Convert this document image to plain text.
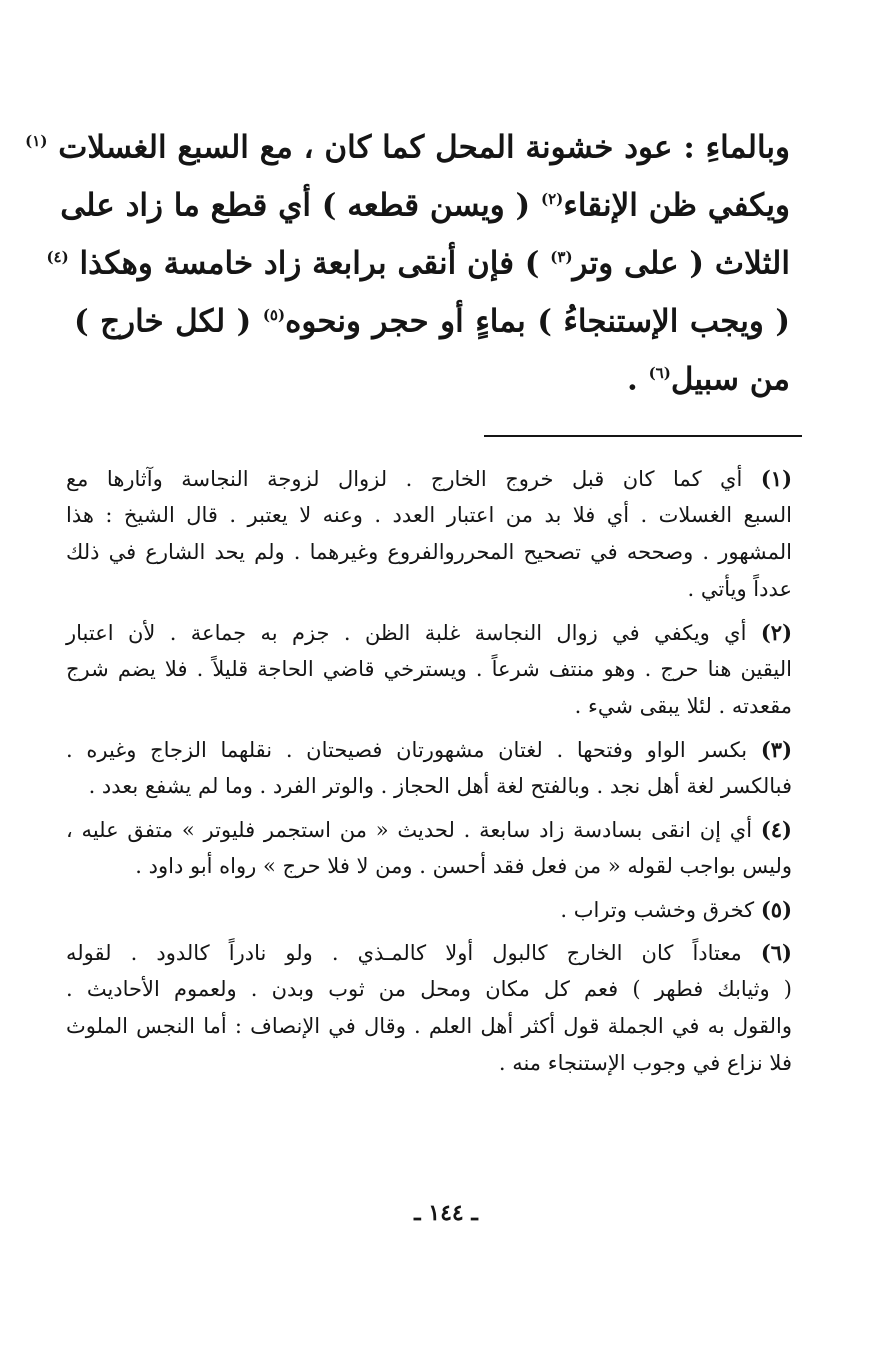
وبالماءِ : عود خشونة المحل كما كان ، مع السبع الغسلات $^{(١)}$
ويكفي ظن الإنقاء$^{(٢)}$ ( ويسن قطعه ) أي قطع ما زاد على
الثلاث ( على وتر$^{(٣)}$ ) فإن أنقى برابعة زاد خامسة وهكذا $^{(٤)}$
( ويجب الإستنجاءُ ) بماءٍ أو حجر ونحوه$^{(٥)}$ ( لكل خارج )
من سبيل$^{(٦)}$ .
(١) أي كما كان قبل خروج الخارج . لزوال لزوجة النجاسة وآثارها مع
السبع الغسلات . أي فلا بد من اعتبار العدد . وعنه لا يعتبر . قال الشيخ : هذا
المشهور . وصححه في تصحيح المحرروالفروع وغيرهما . ولم يحد الشارع في ذلك
عدداً ويأتي .
(٢) أي ويكفي في زوال النجاسة غلبة الظن . جزم به جماعة . لأن اعتبار
اليقين هنا حرج . وهو منتف شرعاً . ويسترخي قاضي الحاجة قليلاً . فلا يضم شرج
مقعدته . لئلا يبقى شيء .
(٣) بكسر الواو وفتحها . لغتان مشهورتان فصيحتان . نقلهما الزجاج وغيره .
فبالكسر لغة أهل نجد . وبالفتح لغة أهل الحجاز . والوتر الفرد . وما لم يشفع بعدد .
(٤) أي إن انقى بسادسة زاد سابعة . لحديث « من استجمر فليوتر » متفق عليه ،
وليس بواجب لقوله « من فعل فقد أحسن . ومن لا فلا حرج » رواه أبو داود .
(٥) كخرق وخشب وتراب .
(٦) معتاداً كان الخارج كالبول أولا كالمـذي . ولو نادراً كالدود . لقوله
( وثيابك فطهر ) فعم كل مكان ومحل من ثوب وبدن . ولعموم الأحاديث .
والقول به في الجملة قول أكثر أهل العلم . وقال في الإنصاف : أما النجس الملوث
فلا نزاع في وجوب الإستنجاء منه .
ـ ١٤٤ ـ
